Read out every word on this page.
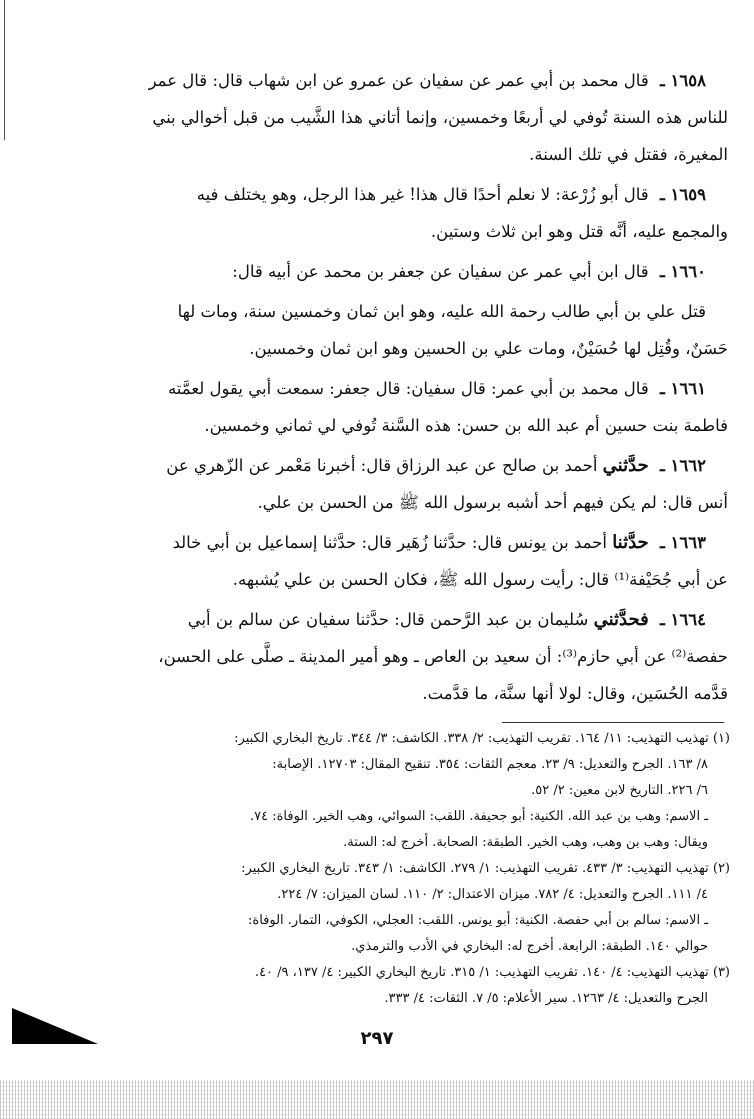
١٦٥٨ ـ قال محمد بن أبي عمر عن سفيان عن عمرو عن ابن شهاب قال: قال عمر
للناس هذه السنة تُوفي لي أربعًا وخمسين، وإنما أتاني هذا الشَّيب من قبل أخوالي بني
المغيرة، فقتل في تلك السنة.
١٦٥٩ ـ قال أبو زُرْعة: لا نعلم أحدًا قال هذا! غير هذا الرجل، وهو يختلف فيه
والمجمع عليه، أنَّه قتل وهو ابن ثلاث وستين.
١٦٦٠ ـ قال ابن أبي عمر عن سفيان عن جعفر بن محمد عن أبيه قال:
قتل علي بن أبي طالب رحمة الله عليه، وهو ابن ثمان وخمسين سنة، ومات لها
حَسَنٌ، وقُتِل لها حُسَيْنٌ، ومات علي بن الحسين وهو ابن ثمان وخمسين.
١٦٦١ ـ قال محمد بن أبي عمر: قال سفيان: قال جعفر: سمعت أبي يقول لعمَّته
فاطمة بنت حسين أم عبد الله بن حسن: هذه السَّنة تُوفي لي ثماني وخمسين.
١٦٦٢ ـ حدَّثني أحمد بن صالح عن عبد الرزاق قال: أخبرنا مَعْمر عن الزّهري عن
أنس قال: لم يكن فيهم أحد أشبه برسول الله ﷺ من الحسن بن علي.
١٦٦٣ ـ حدَّثنا أحمد بن يونس قال: حدَّثنا زُهَير قال: حدَّثنا إسماعيل بن أبي خالد
عن أبي جُحَيْفة⁽¹⁾ قال: رأيت رسول الله ﷺ، فكان الحسن بن علي يُشبهه.
١٦٦٤ ـ فحدَّثني سُليمان بن عبد الرَّحمن قال: حدَّثنا سفيان عن سالم بن أبي
حفصة⁽²⁾ عن أبي حازم⁽³⁾: أن سعيد بن العاص ـ وهو أمير المدينة ـ صلَّى على الحسن،
قدَّمه الحُسَين، وقال: لولا أنها سنَّة، ما قدَّمت.
(١) تهذيب التهذيب: ١١/ ١٦٤. تقريب التهذيب: ٢/ ٣٣٨. الكاشف: ٣/ ٣٤٤. تاريخ البخاري الكبير:
٨/ ١٦٣. الجرح والتعديل: ٩/ ٢٣. معجم الثقات: ٣٥٤. تنقيح المقال: ١٢٧٠٣. الإصابة:
٦/ ٢٢٦. التاريخ لابن معين: ٢/ ٥٢.
ـ الاسم: وهب بن عبد الله. الكنية: أبو جحيفة. اللقب: السوائي، وهب الخير. الوفاة: ٧٤.
ويقال: وهب بن وهب، وهب الخير. الطبقة: الصحابة. أخرج له: الستة.
(٢) تهذيب التهذيب: ٣/ ٤٣٣. تقريب التهذيب: ١/ ٢٧٩. الكاشف: ١/ ٣٤٣. تاريخ البخاري الكبير:
٤/ ١١١. الجرح والتعديل: ٤/ ٧٨٢. ميزان الاعتدال: ٢/ ١١٠. لسان الميزان: ٧/ ٢٢٤.
ـ الاسم: سالم بن أبي حفصة. الكنية: أبو يونس. اللقب: العجلي، الكوفي، التمار. الوفاة:
حوالي ١٤٠. الطبقة: الرابعة. أخرج له: البخاري في الأدب والترمذي.
(٣) تهذيب التهذيب: ٤/ ١٤٠. تقريب التهذيب: ١/ ٣١٥. تاريخ البخاري الكبير: ٤/ ١٣٧، ٩/ ٤٠.
الجرح والتعديل: ٤/ ١٢٦٣. سير الأعلام: ٥/ ٧. الثقات: ٤/ ٣٣٣.
٢٩٧
